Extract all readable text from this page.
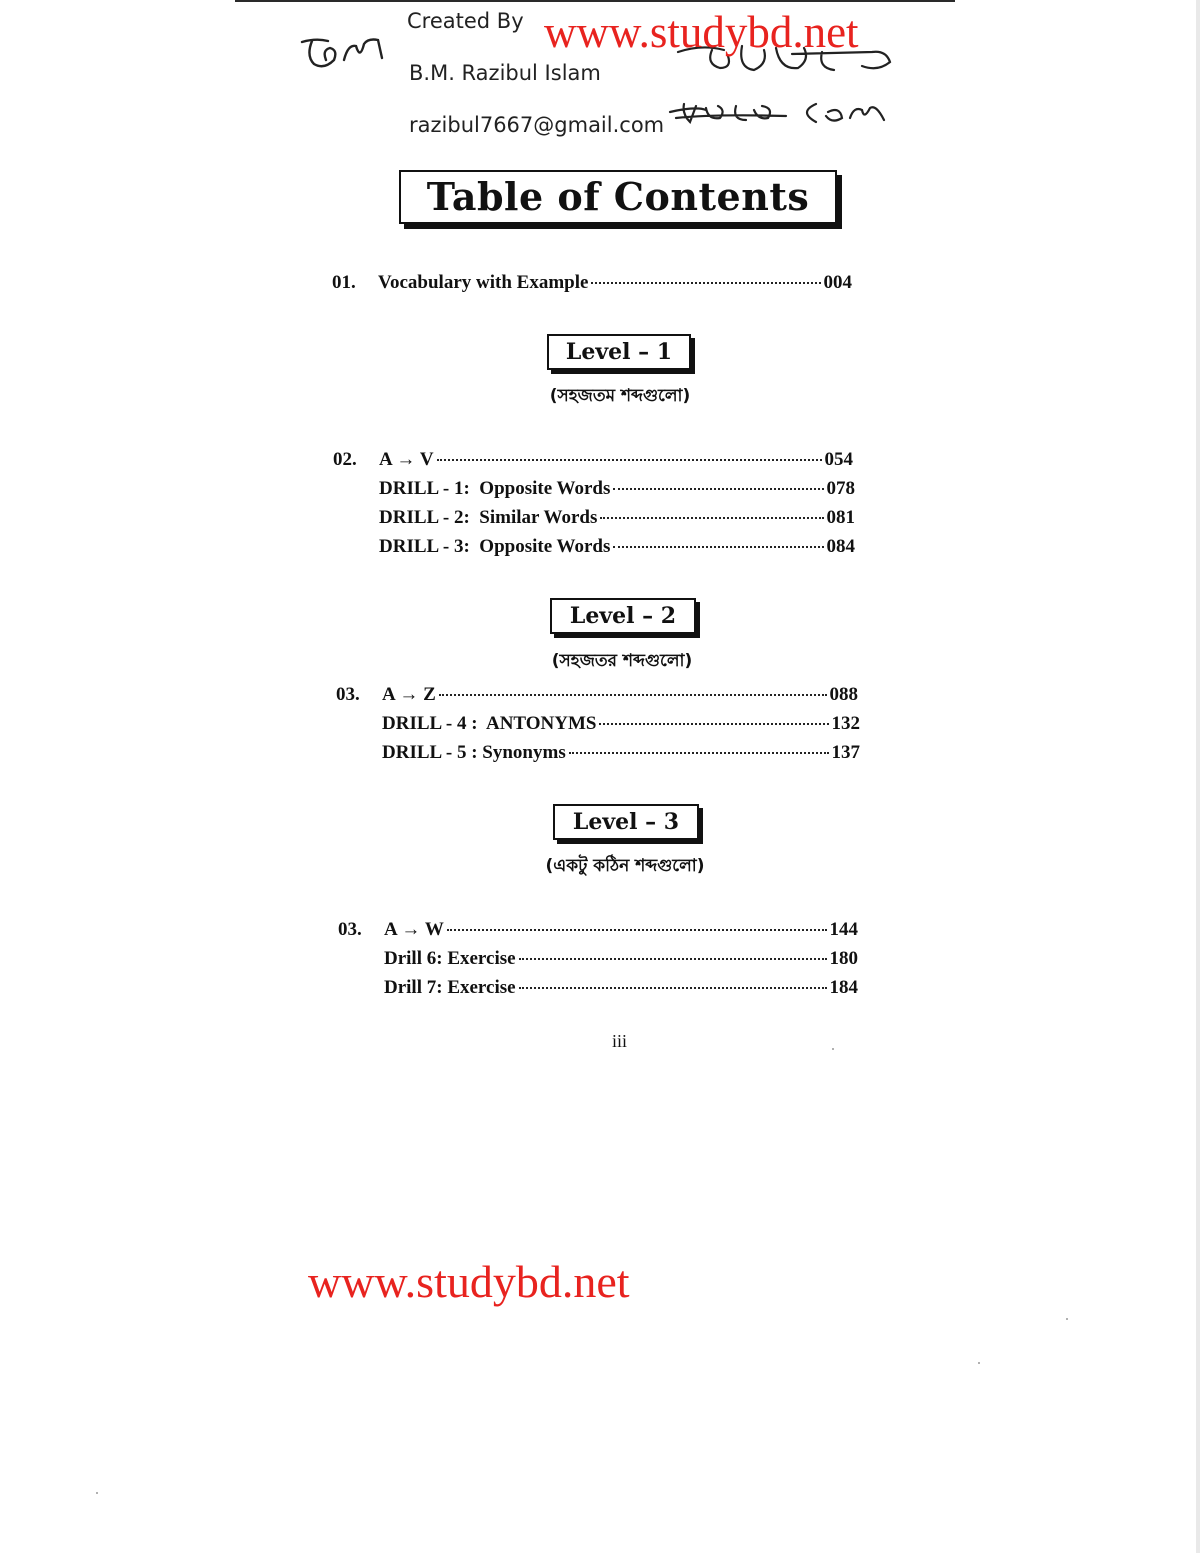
Created By
B.M. Razibul Islam
razibul7667@gmail.com
www.studybd.net
Table of Contents
01.	Vocabulary with Example	004
Level – 1
(সহজতম শব্দগুলো)
02.	A → V	054
DRILL - 1:  Opposite Words	078
DRILL - 2:  Similar Words	081
DRILL - 3:  Opposite Words	084
Level – 2
(সহজতর শব্দগুলো)
03.	A → Z	088
DRILL - 4 :  ANTONYMS	132
DRILL - 5 : Synonyms	137
Level – 3
(একটু কঠিন শব্দগুলো)
03.	A → W	144
Drill 6: Exercise	180
Drill 7: Exercise	184
iii
www.studybd.net
